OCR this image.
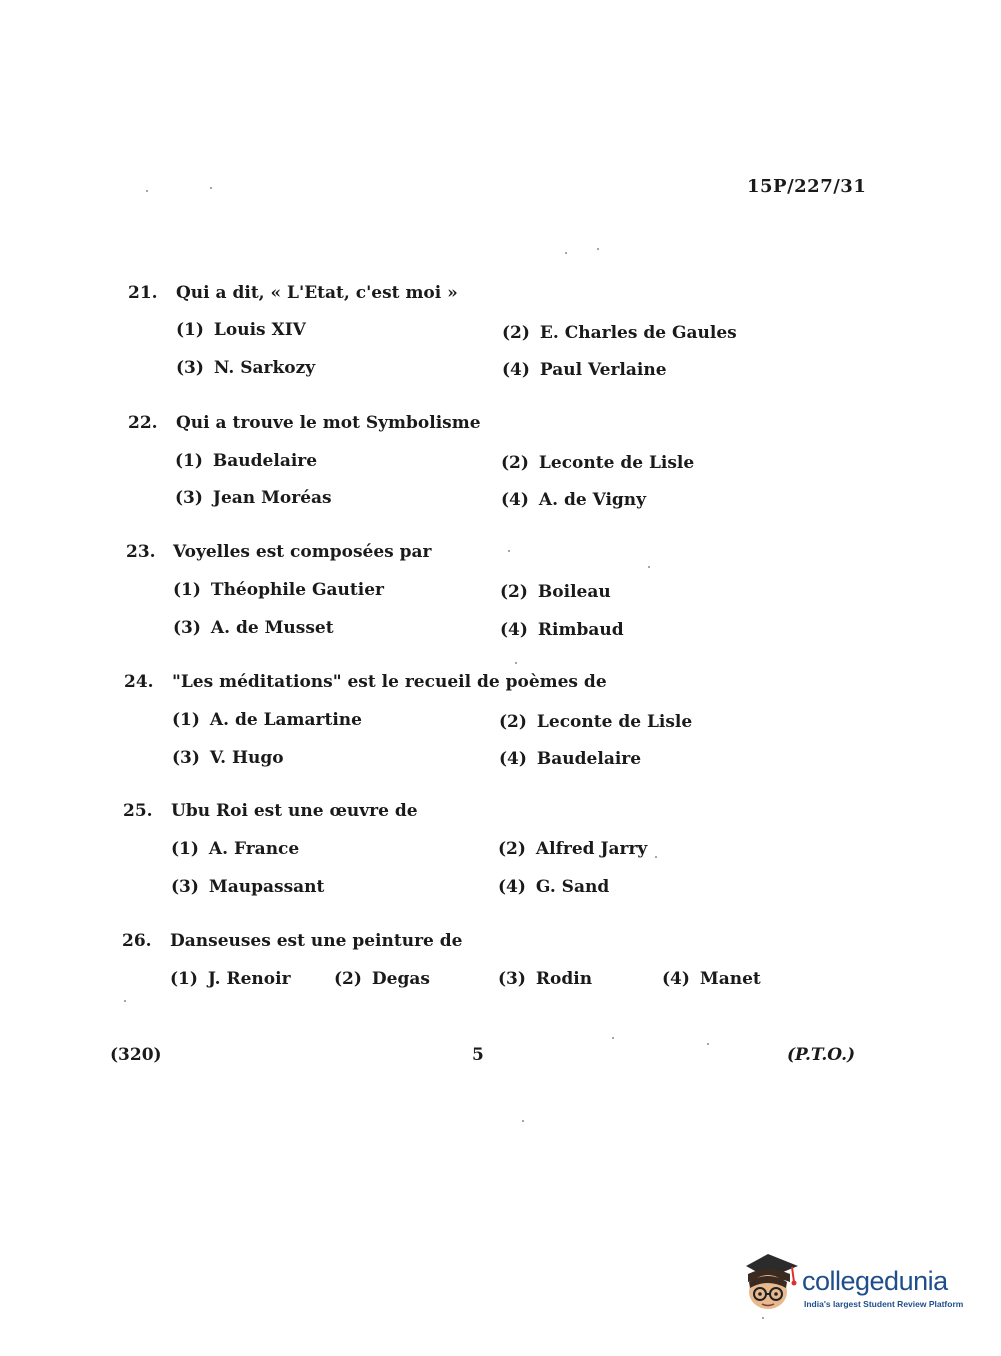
15P/227/31
21. Qui a dit, « L'Etat, c'est moi »
(1) Louis XIV	(2) E. Charles de Gaules
(3) N. Sarkozy	(4) Paul Verlaine
22. Qui a trouve le mot Symbolisme
(1) Baudelaire	(2) Leconte de Lisle
(3) Jean Moréas	(4) A. de Vigny
23. Voyelles est composées par
(1) Théophile Gautier	(2) Boileau
(3) A. de Musset	(4) Rimbaud
24. "Les méditations" est le recueil de poèmes de
(1) A. de Lamartine	(2) Leconte de Lisle
(3) V. Hugo	(4) Baudelaire
25. Ubu Roi est une œuvre de
(1) A. France	(2) Alfred Jarry
(3) Maupassant	(4) G. Sand
26. Danseuses est une peinture de
(1) J. Renoir	(2) Degas	(3) Rodin	(4) Manet
(320)	5	(P.T.O.)
collegedunia
India's largest Student Review Platform
